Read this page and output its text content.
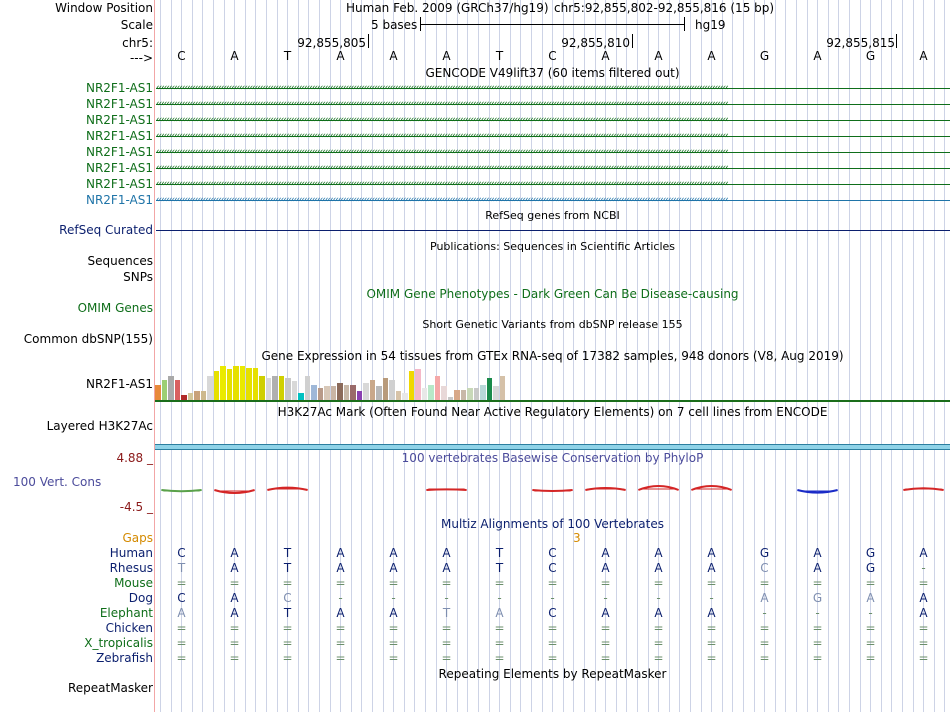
Window Position
Scale
chr5:
--->
Human Feb. 2009 (GRCh37/hg19) chr5:92,855,802-92,855,816 (15 bp)
5 bases	hg19
92,855,805	92,855,810	92,855,815
C	A	T	A	A	A	T	C	A	A	A	G	A	G	A
GENCODE V49lift37 (60 items filtered out)
NR2F1-AS1 ‹‹‹‹‹‹‹‹‹‹‹‹‹‹‹‹‹‹‹‹‹‹‹‹‹‹‹‹‹‹‹‹‹‹‹‹‹‹‹‹‹‹‹‹‹‹‹‹‹‹‹‹‹‹‹‹‹‹‹‹‹‹‹‹‹‹‹‹‹‹‹‹‹‹‹‹‹‹‹‹‹‹‹‹‹‹‹‹‹‹‹‹‹‹‹‹‹‹‹‹‹‹‹‹‹‹‹‹‹‹‹‹‹‹‹‹‹‹‹‹‹‹‹‹‹‹‹‹‹‹‹‹‹‹‹‹‹‹‹‹‹‹‹‹‹‹‹‹‹‹‹‹‹‹‹‹‹‹‹‹‹‹‹‹‹‹‹‹‹‹‹‹‹‹‹‹‹‹‹‹‹‹‹‹‹‹‹‹‹‹‹‹‹‹‹‹‹‹‹‹‹‹‹‹‹‹‹‹‹‹‹‹‹‹‹‹‹‹‹‹
NR2F1-AS1 ‹‹‹‹‹‹‹‹‹‹‹‹‹‹‹‹‹‹‹‹‹‹‹‹‹‹‹‹‹‹‹‹‹‹‹‹‹‹‹‹‹‹‹‹‹‹‹‹‹‹‹‹‹‹‹‹‹‹‹‹‹‹‹‹‹‹‹‹‹‹‹‹‹‹‹‹‹‹‹‹‹‹‹‹‹‹‹‹‹‹‹‹‹‹‹‹‹‹‹‹‹‹‹‹‹‹‹‹‹‹‹‹‹‹‹‹‹‹‹‹‹‹‹‹‹‹‹‹‹‹‹‹‹‹‹‹‹‹‹‹‹‹‹‹‹‹‹‹‹‹‹‹‹‹‹‹‹‹‹‹‹‹‹‹‹‹‹‹‹‹‹‹‹‹‹‹‹‹‹‹‹‹‹‹‹‹‹‹‹‹‹‹‹‹‹‹‹‹‹‹‹‹‹‹‹‹‹‹‹‹‹‹‹‹‹‹‹‹‹‹
NR2F1-AS1 ‹‹‹‹‹‹‹‹‹‹‹‹‹‹‹‹‹‹‹‹‹‹‹‹‹‹‹‹‹‹‹‹‹‹‹‹‹‹‹‹‹‹‹‹‹‹‹‹‹‹‹‹‹‹‹‹‹‹‹‹‹‹‹‹‹‹‹‹‹‹‹‹‹‹‹‹‹‹‹‹‹‹‹‹‹‹‹‹‹‹‹‹‹‹‹‹‹‹‹‹‹‹‹‹‹‹‹‹‹‹‹‹‹‹‹‹‹‹‹‹‹‹‹‹‹‹‹‹‹‹‹‹‹‹‹‹‹‹‹‹‹‹‹‹‹‹‹‹‹‹‹‹‹‹‹‹‹‹‹‹‹‹‹‹‹‹‹‹‹‹‹‹‹‹‹‹‹‹‹‹‹‹‹‹‹‹‹‹‹‹‹‹‹‹‹‹‹‹‹‹‹‹‹‹‹‹‹‹‹‹‹‹‹‹‹‹‹‹‹‹
NR2F1-AS1 ‹‹‹‹‹‹‹‹‹‹‹‹‹‹‹‹‹‹‹‹‹‹‹‹‹‹‹‹‹‹‹‹‹‹‹‹‹‹‹‹‹‹‹‹‹‹‹‹‹‹‹‹‹‹‹‹‹‹‹‹‹‹‹‹‹‹‹‹‹‹‹‹‹‹‹‹‹‹‹‹‹‹‹‹‹‹‹‹‹‹‹‹‹‹‹‹‹‹‹‹‹‹‹‹‹‹‹‹‹‹‹‹‹‹‹‹‹‹‹‹‹‹‹‹‹‹‹‹‹‹‹‹‹‹‹‹‹‹‹‹‹‹‹‹‹‹‹‹‹‹‹‹‹‹‹‹‹‹‹‹‹‹‹‹‹‹‹‹‹‹‹‹‹‹‹‹‹‹‹‹‹‹‹‹‹‹‹‹‹‹‹‹‹‹‹‹‹‹‹‹‹‹‹‹‹‹‹‹‹‹‹‹‹‹‹‹‹‹‹‹
NR2F1-AS1 ‹‹‹‹‹‹‹‹‹‹‹‹‹‹‹‹‹‹‹‹‹‹‹‹‹‹‹‹‹‹‹‹‹‹‹‹‹‹‹‹‹‹‹‹‹‹‹‹‹‹‹‹‹‹‹‹‹‹‹‹‹‹‹‹‹‹‹‹‹‹‹‹‹‹‹‹‹‹‹‹‹‹‹‹‹‹‹‹‹‹‹‹‹‹‹‹‹‹‹‹‹‹‹‹‹‹‹‹‹‹‹‹‹‹‹‹‹‹‹‹‹‹‹‹‹‹‹‹‹‹‹‹‹‹‹‹‹‹‹‹‹‹‹‹‹‹‹‹‹‹‹‹‹‹‹‹‹‹‹‹‹‹‹‹‹‹‹‹‹‹‹‹‹‹‹‹‹‹‹‹‹‹‹‹‹‹‹‹‹‹‹‹‹‹‹‹‹‹‹‹‹‹‹‹‹‹‹‹‹‹‹‹‹‹‹‹‹‹‹‹
NR2F1-AS1 ‹‹‹‹‹‹‹‹‹‹‹‹‹‹‹‹‹‹‹‹‹‹‹‹‹‹‹‹‹‹‹‹‹‹‹‹‹‹‹‹‹‹‹‹‹‹‹‹‹‹‹‹‹‹‹‹‹‹‹‹‹‹‹‹‹‹‹‹‹‹‹‹‹‹‹‹‹‹‹‹‹‹‹‹‹‹‹‹‹‹‹‹‹‹‹‹‹‹‹‹‹‹‹‹‹‹‹‹‹‹‹‹‹‹‹‹‹‹‹‹‹‹‹‹‹‹‹‹‹‹‹‹‹‹‹‹‹‹‹‹‹‹‹‹‹‹‹‹‹‹‹‹‹‹‹‹‹‹‹‹‹‹‹‹‹‹‹‹‹‹‹‹‹‹‹‹‹‹‹‹‹‹‹‹‹‹‹‹‹‹‹‹‹‹‹‹‹‹‹‹‹‹‹‹‹‹‹‹‹‹‹‹‹‹‹‹‹‹‹‹
NR2F1-AS1 ‹‹‹‹‹‹‹‹‹‹‹‹‹‹‹‹‹‹‹‹‹‹‹‹‹‹‹‹‹‹‹‹‹‹‹‹‹‹‹‹‹‹‹‹‹‹‹‹‹‹‹‹‹‹‹‹‹‹‹‹‹‹‹‹‹‹‹‹‹‹‹‹‹‹‹‹‹‹‹‹‹‹‹‹‹‹‹‹‹‹‹‹‹‹‹‹‹‹‹‹‹‹‹‹‹‹‹‹‹‹‹‹‹‹‹‹‹‹‹‹‹‹‹‹‹‹‹‹‹‹‹‹‹‹‹‹‹‹‹‹‹‹‹‹‹‹‹‹‹‹‹‹‹‹‹‹‹‹‹‹‹‹‹‹‹‹‹‹‹‹‹‹‹‹‹‹‹‹‹‹‹‹‹‹‹‹‹‹‹‹‹‹‹‹‹‹‹‹‹‹‹‹‹‹‹‹‹‹‹‹‹‹‹‹‹‹‹‹‹‹
NR2F1-AS1 ‹‹‹‹‹‹‹‹‹‹‹‹‹‹‹‹‹‹‹‹‹‹‹‹‹‹‹‹‹‹‹‹‹‹‹‹‹‹‹‹‹‹‹‹‹‹‹‹‹‹‹‹‹‹‹‹‹‹‹‹‹‹‹‹‹‹‹‹‹‹‹‹‹‹‹‹‹‹‹‹‹‹‹‹‹‹‹‹‹‹‹‹‹‹‹‹‹‹‹‹‹‹‹‹‹‹‹‹‹‹‹‹‹‹‹‹‹‹‹‹‹‹‹‹‹‹‹‹‹‹‹‹‹‹‹‹‹‹‹‹‹‹‹‹‹‹‹‹‹‹‹‹‹‹‹‹‹‹‹‹‹‹‹‹‹‹‹‹‹‹‹‹‹‹‹‹‹‹‹‹‹‹‹‹‹‹‹‹‹‹‹‹‹‹‹‹‹‹‹‹‹‹‹‹‹‹‹‹‹‹‹‹‹‹‹‹‹‹‹‹
RefSeq genes from NCBI
RefSeq Curated
Publications: Sequences in Scientific Articles
Sequences
SNPs
OMIM Gene Phenotypes - Dark Green Can Be Disease-causing
OMIM Genes
Short Genetic Variants from dbSNP release 155
Common dbSNP(155)
Gene Expression in 54 tissues from GTEx RNA-seq of 17382 samples, 948 donors (V8, Aug 2019)
NR2F1-AS1
H3K27Ac Mark (Often Found Near Active Regulatory Elements) on 7 cell lines from ENCODE
Layered H3K27Ac
4.88 _	100 vertebrates Basewise Conservation by PhyloP
100 Vert. Cons
-4.5 _
Multiz Alignments of 100 Vertebrates
Gaps	3
Human	C	A	T	A	A	A	T	C	A	A	A	G	A	G	A
Rhesus	T	A	T	A	A	A	T	C	A	A	A	C	A	G	-
Mouse	=	=	=	=	=	=	=	=	=	=	=	=	=	=	=
Dog	C	A	C	-	-	-	-	-	-	-	-	A	G	A	A
Elephant	A	A	T	A	A	T	A	C	A	A	A	-	-	-	A
Chicken	=	=	=	=	=	=	=	=	=	=	=	=	=	=	=
X_tropicalis	=	=	=	=	=	=	=	=	=	=	=	=	=	=	=
Zebrafish	=	=	=	=	=	=	=	=	=	=	=	=	=	=	=
Repeating Elements by RepeatMasker
RepeatMasker
